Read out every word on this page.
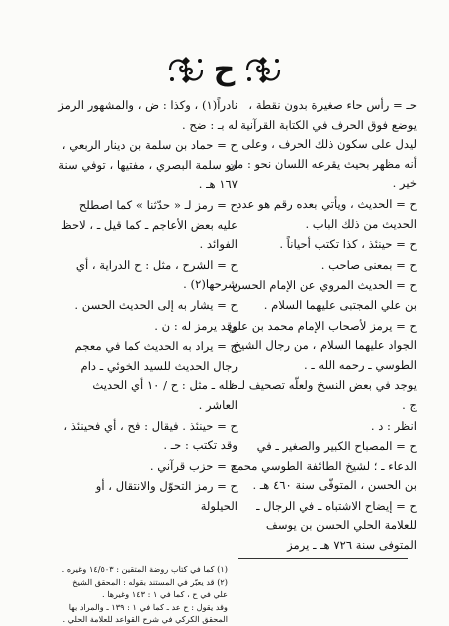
ح

حـ = رأس حاء صغيرة بدون نقطة ، يوضع فوق الحرف في الكتابة القرآنية ليدل على سكون ذلك الحرف ، وعلى أنه مظهر بحيث يقرعه اللسان نحو : من خير .

ح = الحديث ، ويأتي بعده رقم هو عدد الحديث من ذلك الباب .

ح = حينئذ ، كذا تكتب أحياناً .

ح = بمعنى صاحب .

ح = الحديث المروي عن الإمام الحسن بن علي المجتبى عليهما السلام .

ح = يرمز لأصحاب الإمام محمد بن علي الجواد عليهما السلام ، من رجال الشيخ الطوسي ـ رحمه الله ـ .

يوجد في بعض النسخ ولعلّه تصحيف لـ : ج .

انظر : د .

ح = المصباح الكبير والصغير ـ في الدعاء ـ ؛ لشيخ الطائفة الطوسي محمد بن الحسن ، المتوفّى سنة ٤٦٠ هـ .

ح = إيضاح الاشتباه ـ في الرجال ـ للعلامة الحلي الحسن بن يوسف المتوفى سنة ٧٢٦ هـ ـ يرمز

نادراً(١) ، وكذا : ض ، والمشهور الرمز له بـ : ضح .

ح = حماد بن سلمة بن دينار الربعي ، ابو سلمة البصري ، مفتيها ، توفي سنة ١٦٧ هـ .

ح = رمز لـ « حدّثنا » كما اصطلح عليه بعض الأعاجم ـ كما قيل ـ ، لاحظ الفوائد .

ح = الشرح ، مثل : ح الدراية ، أي شرحها(٢) .

ح = يشار به إلى الحديث الحسن .

وقد يرمز له : ن .

ح = يراد به الحديث كما في معجم رجال الحديث للسيد الخوئي ـ دام ظله ـ مثل : ح / ١٠ أي الحديث العاشر .

ح = حينئذ . فيقال : فح ، أي فحينئذ ، وقد تكتب : حـ .

ح = حزب قرآني .

ح = رمز التحوّل والانتقال ، أو الحيلولة

(١) كما في كتاب روضة المتقين : ١٤/٥٠٣ وغيره .

(٢) قد يعبّر في المستند بقوله : المحقق الشيخ علي في ح ، كما في ١ : ١٤٣ وغيرها .

وقد يقول : ح عد ـ كما في ١ : ١٣٩ ـ والمراد بها المحقق الكركي في شرح القواعد للعلامة الحلي .
